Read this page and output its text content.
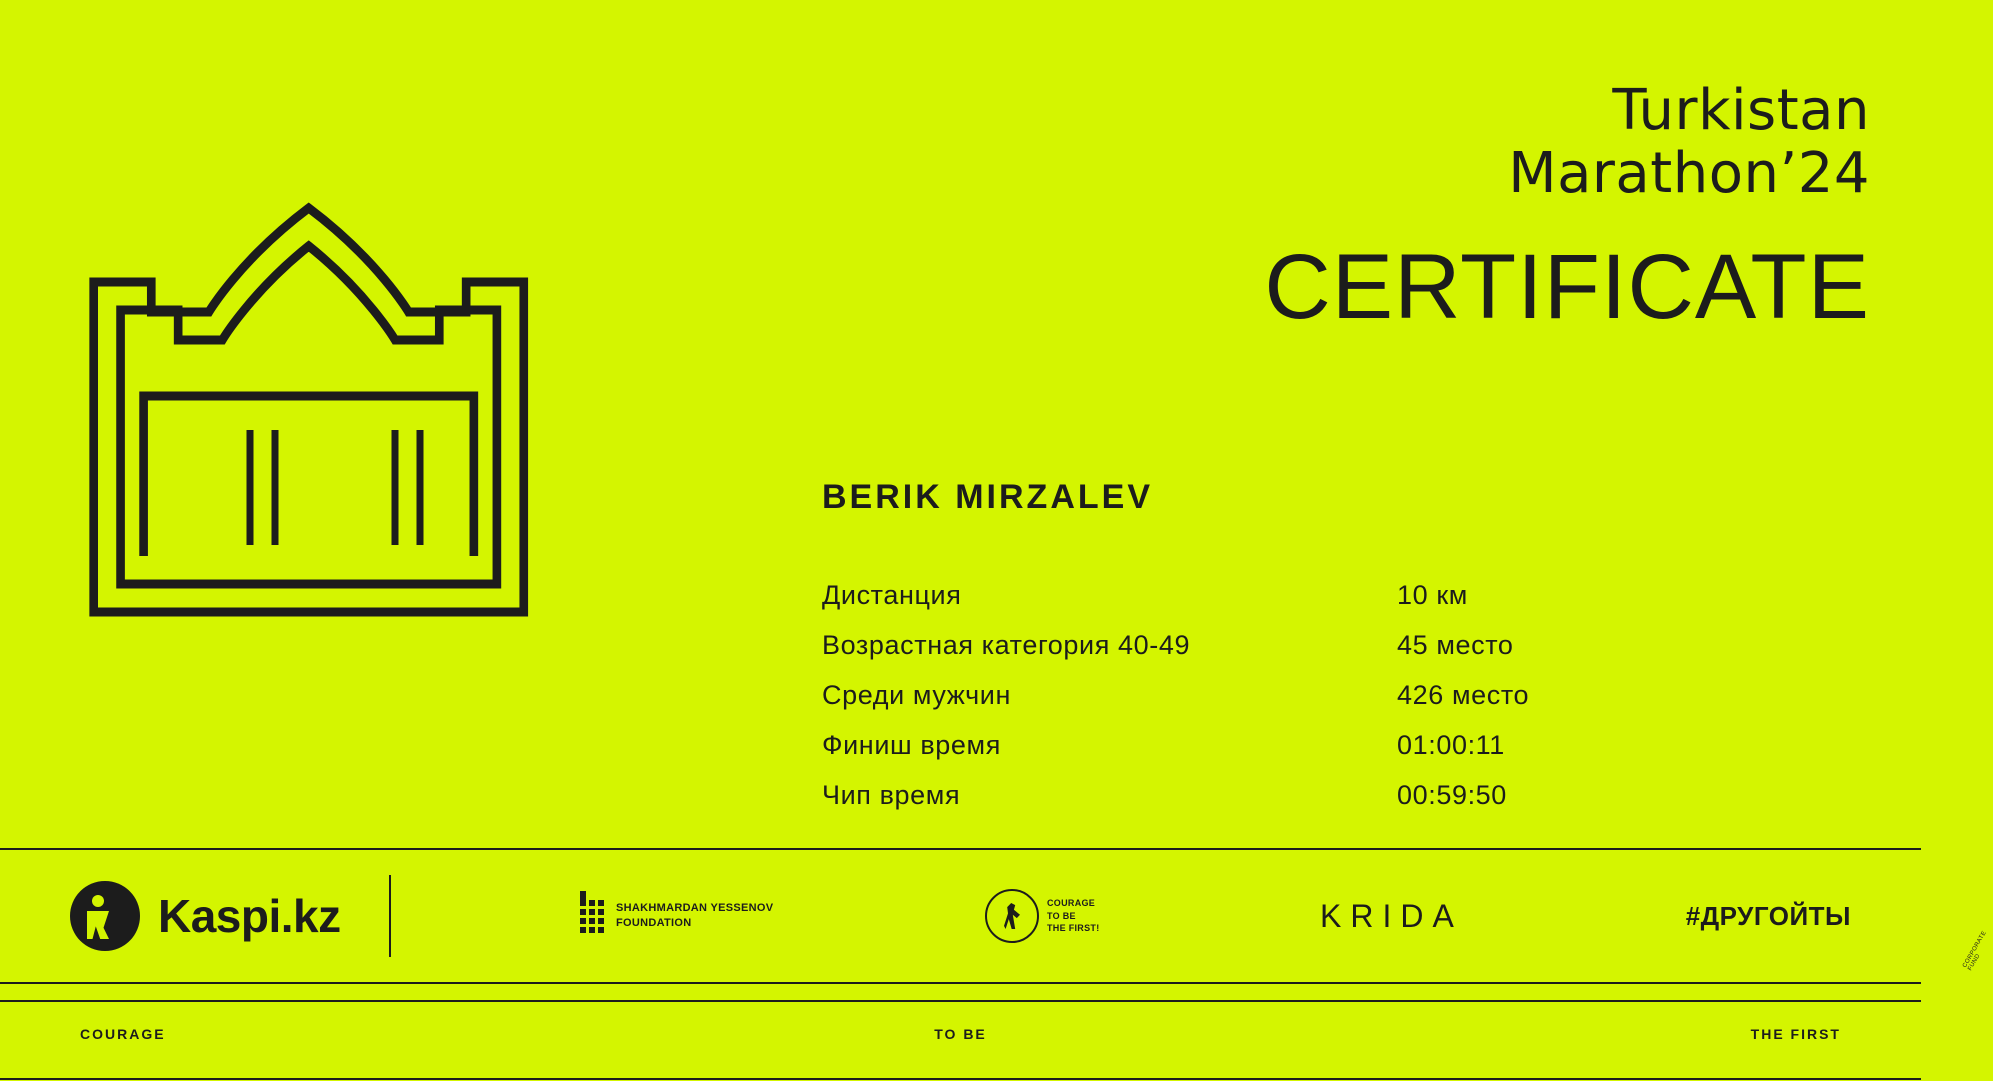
Turkistan
Marathon’24
CERTIFICATE
BERIK MIRZALEV
Дистанция	10 км
Возрастная категория 40-49	45 место
Среди мужчин	426 место
Финиш время	01:00:11
Чип время	00:59:50
Kaspi.kz	SHAKHMARDAN YESSENOV
FOUNDATION
COURAGE
TO BE
THE FIRST!
CORPORATE FUND
KRIDA	#ДРУГОЙТЫ
COURAGE	TO BE	THE FIRST
